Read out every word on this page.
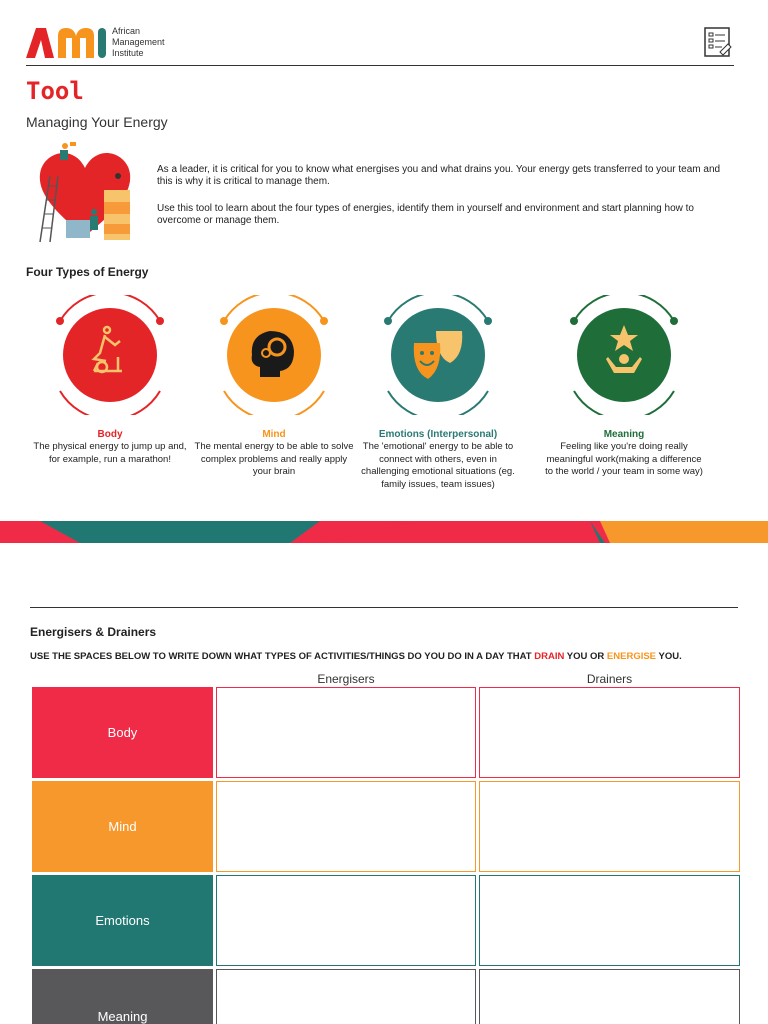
African
Management
Institute
Tool
Managing Your Energy
As a leader, it is critical for you to know what energises you and what drains you. Your energy gets transferred to your team and this is why it is critical to manage them.
Use this tool to learn about the four types of energies, identify them in yourself and environment and start planning how to overcome or manage them.
Four Types of Energy
Body
The physical energy to jump up and, for example, run a marathon!
Mind
The mental energy to be able to solve complex problems and really apply your brain
Emotions (Interpersonal)
The 'emotional' energy to be able to connect with others, even in challenging emotional situations (eg. family issues, team issues)
Meaning
Feeling like you're doing really meaningful work(making a difference to the world / your team in some way)
Energisers & Drainers
USE THE SPACES BELOW TO WRITE DOWN WHAT TYPES OF ACTIVITIES/THINGS DO YOU DO IN A DAY THAT DRAIN YOU OR ENERGISE YOU.
Energisers	Drainers
Body
Mind
Emotions
Meaning
